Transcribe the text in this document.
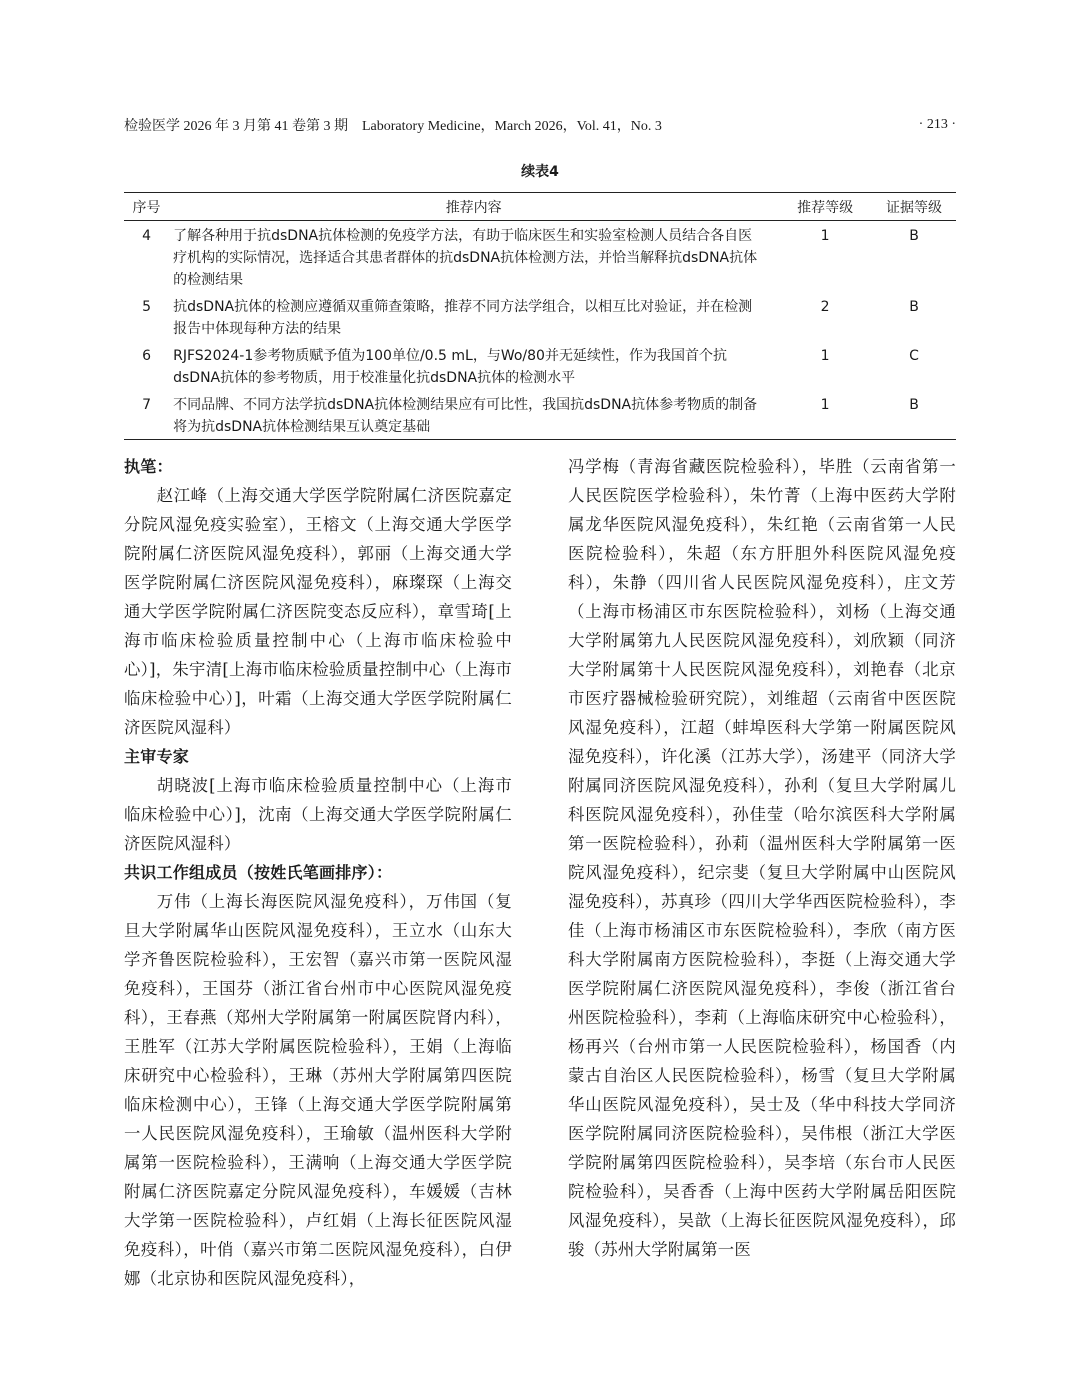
检验医学 2026 年 3 月第 41 卷第 3 期　Laboratory Medicine，March 2026，Vol. 41，No. 3	· 213 ·
续表4
序号	推荐内容	推荐等级	证据等级
4	了解各种用于抗dsDNA抗体检测的免疫学方法，有助于临床医生和实验室检测人员结合各自医疗机构的实际情况，选择适合其患者群体的抗dsDNA抗体检测方法，并恰当解释抗dsDNA抗体的检测结果	1	B
5	抗dsDNA抗体的检测应遵循双重筛查策略，推荐不同方法学组合，以相互比对验证，并在检测报告中体现每种方法的结果	2	B
6	RJFS2024-1参考物质赋予值为100单位/0.5 mL，与Wo/80并无延续性，作为我国首个抗dsDNA抗体的参考物质，用于校准量化抗dsDNA抗体的检测水平	1	C
7	不同品牌、不同方法学抗dsDNA抗体检测结果应有可比性，我国抗dsDNA抗体参考物质的制备将为抗dsDNA抗体检测结果互认奠定基础	1	B
执笔：

赵江峰（上海交通大学医学院附属仁济医院嘉定分院风湿免疫实验室），王榕文（上海交通大学医学院附属仁济医院风湿免疫科），郭丽（上海交通大学医学院附属仁济医院风湿免疫科），麻璨琛（上海交通大学医学院附属仁济医院变态反应科），章雪琦[上海市临床检验质量控制中心（上海市临床检验中心）]，朱宇清[上海市临床检验质量控制中心（上海市临床检验中心）]，叶霜（上海交通大学医学院附属仁济医院风湿科）

主审专家

胡晓波[上海市临床检验质量控制中心（上海市临床检验中心）]，沈南（上海交通大学医学院附属仁济医院风湿科）

共识工作组成员（按姓氏笔画排序）：

万伟（上海长海医院风湿免疫科），万伟国（复旦大学附属华山医院风湿免疫科），王立水（山东大学齐鲁医院检验科），王宏智（嘉兴市第一医院风湿免疫科），王国芬（浙江省台州市中心医院风湿免疫科），王春燕（郑州大学附属第一附属医院肾内科），王胜军（江苏大学附属医院检验科），王娟（上海临床研究中心检验科），王琳（苏州大学附属第四医院临床检测中心），王锋（上海交通大学医学院附属第一人民医院风湿免疫科），王瑜敏（温州医科大学附属第一医院检验科），王满响（上海交通大学医学院附属仁济医院嘉定分院风湿免疫科），车媛媛（吉林大学第一医院检验科），卢红娟（上海长征医院风湿免疫科），叶俏（嘉兴市第二医院风湿免疫科），白伊娜（北京协和医院风湿免疫科），

冯学梅（青海省藏医院检验科），毕胜（云南省第一人民医院医学检验科），朱竹菁（上海中医药大学附属龙华医院风湿免疫科），朱红艳（云南省第一人民医院检验科），朱超（东方肝胆外科医院风湿免疫科），朱静（四川省人民医院风湿免疫科），庄文芳（上海市杨浦区市东医院检验科），刘杨（上海交通大学附属第九人民医院风湿免疫科），刘欣颖（同济大学附属第十人民医院风湿免疫科），刘艳春（北京市医疗器械检验研究院），刘维超（云南省中医医院风湿免疫科），江超（蚌埠医科大学第一附属医院风湿免疫科），许化溪（江苏大学），汤建平（同济大学附属同济医院风湿免疫科），孙利（复旦大学附属儿科医院风湿免疫科），孙佳莹（哈尔滨医科大学附属第一医院检验科），孙莉（温州医科大学附属第一医院风湿免疫科），纪宗斐（复旦大学附属中山医院风湿免疫科），苏真珍（四川大学华西医院检验科），李佳（上海市杨浦区市东医院检验科），李欣（南方医科大学附属南方医院检验科），李挺（上海交通大学医学院附属仁济医院风湿免疫科），李俊（浙江省台州医院检验科），李莉（上海临床研究中心检验科），杨再兴（台州市第一人民医院检验科），杨国香（内蒙古自治区人民医院检验科），杨雪（复旦大学附属华山医院风湿免疫科），吴士及（华中科技大学同济医学院附属同济医院检验科），吴伟根（浙江大学医学院附属第四医院检验科），吴李培（东台市人民医院检验科），吴香香（上海中医药大学附属岳阳医院风湿免疫科），吴歆（上海长征医院风湿免疫科），邱骏（苏州大学附属第一医
